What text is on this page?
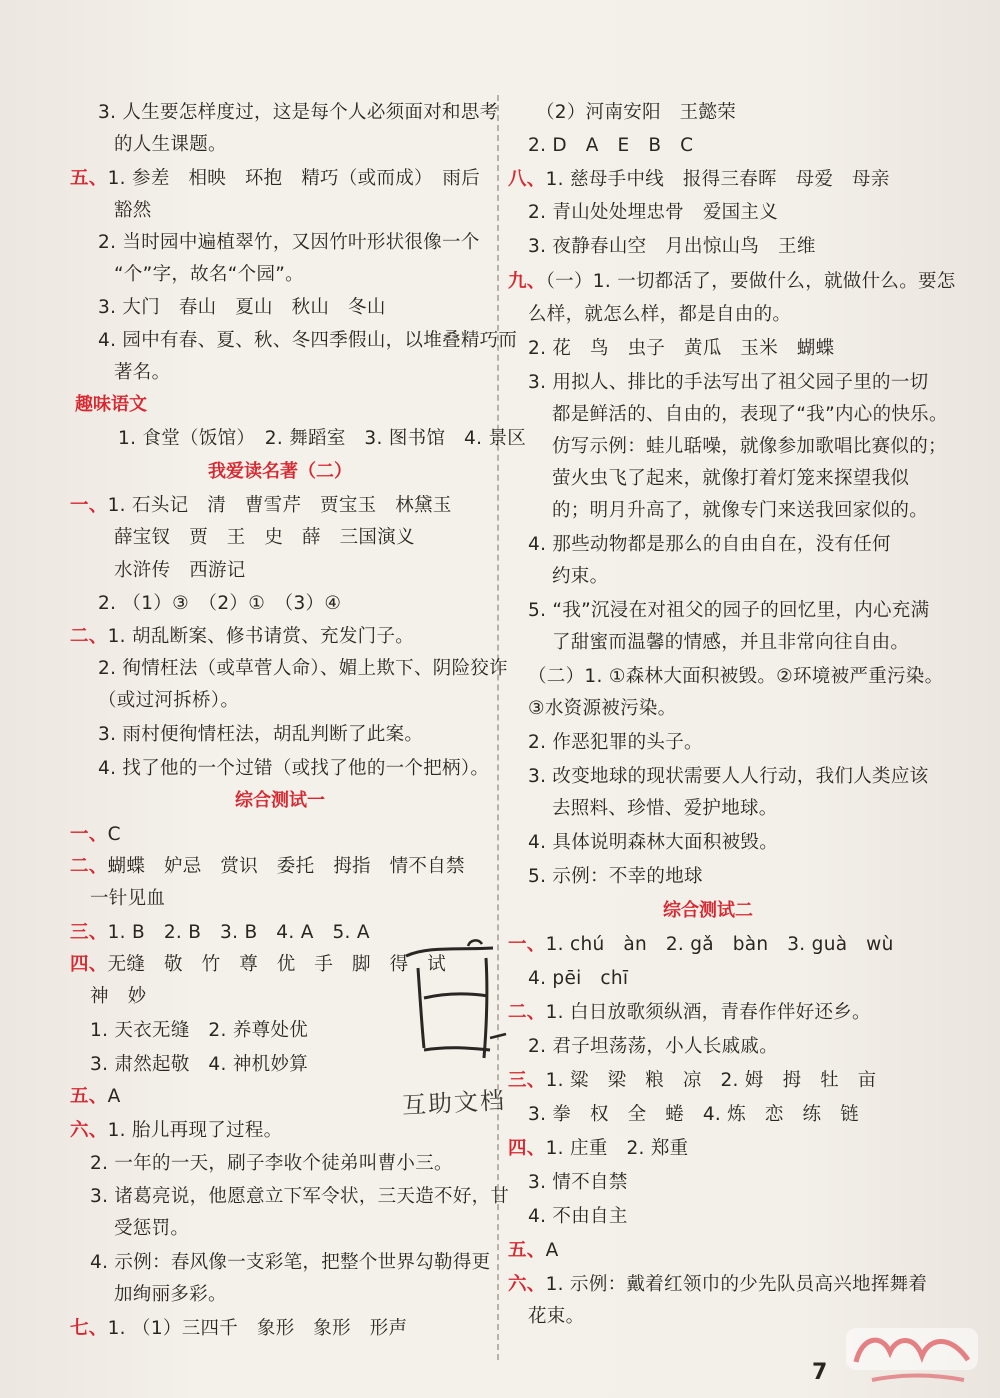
3. 人生要怎样度过，这是每个人必须面对和思考
的人生课题。
五、1. 参差　相映　环抱　精巧（或而成）　雨后
豁然
2. 当时园中遍植翠竹，又因竹叶形状很像一个
“个”字，故名“个园”。
3. 大门　春山　夏山　秋山　冬山
4. 园中有春、夏、秋、冬四季假山，以堆叠精巧而
著名。
1. 食堂（饭馆）　2. 舞蹈室　3. 图书馆　4. 景区
一、1. 石头记　清　曹雪芹　贾宝玉　林黛玉
薛宝钗　贾　王　史　薛　三国演义
水浒传　西游记
2. （1）③　（2）①　（3）④
二、1. 胡乱断案、修书请赏、充发门子。
2. 徇情枉法（或草菅人命）、媚上欺下、阴险狡诈
（或过河拆桥）。
3. 雨村便徇情枉法，胡乱判断了此案。
4. 找了他的一个过错（或找了他的一个把柄）。
一、C
二、蝴蝶　妒忌　赏识　委托　拇指　情不自禁
一针见血
三、1. B　2. B　3. B　4. A　5. A
四、无缝　敬　竹　尊　优　手　脚　得　试
神　妙
1. 天衣无缝　2. 养尊处优
3. 肃然起敬　4. 神机妙算
五、A
六、1. 胎儿再现了过程。
2. 一年的一天，刷子李收个徒弟叫曹小三。
3. 诸葛亮说，他愿意立下军令状，三天造不好，甘
受惩罚。
4. 示例：春风像一支彩笔，把整个世界勾勒得更
加绚丽多彩。
七、1. （1）三四千　象形　象形　形声
趣味语文
我爱读名著（二）
综合测试一
（2）河南安阳　王懿荣
2. D　A　E　B　C
八、1. 慈母手中线　报得三春晖　母爱　母亲
2. 青山处处埋忠骨　爱国主义
3. 夜静春山空　月出惊山鸟　王维
九、（一）1. 一切都活了，要做什么，就做什么。要怎
么样，就怎么样，都是自由的。
2. 花　鸟　虫子　黄瓜　玉米　蝴蝶
3. 用拟人、排比的手法写出了祖父园子里的一切
都是鲜活的、自由的，表现了“我”内心的快乐。
仿写示例：蛙儿聒噪，就像参加歌唱比赛似的；
萤火虫飞了起来，就像打着灯笼来探望我似
的；明月升高了，就像专门来送我回家似的。
4. 那些动物都是那么的自由自在，没有任何
约束。
5. “我”沉浸在对祖父的园子的回忆里，内心充满
了甜蜜而温馨的情感，并且非常向往自由。
（二）1. ①森林大面积被毁。②环境被严重污染。
③水资源被污染。
2. 作恶犯罪的头子。
3. 改变地球的现状需要人人行动，我们人类应该
去照料、珍惜、爱护地球。
4. 具体说明森林大面积被毁。
5. 示例：不幸的地球
一、1. chú　àn　2. gǎ　bàn　3. guà　wù
4. pēi　chī
二、1. 白日放歌须纵酒，青春作伴好还乡。
2. 君子坦荡荡，小人长戚戚。
三、1. 粱　梁　粮　凉　2. 姆　拇　牡　亩
3. 拳　权　全　蜷　4. 炼　恋　练　链
四、1. 庄重　2. 郑重
3. 情不自禁
4. 不由自主
五、A
六、1. 示例：戴着红领巾的少先队员高兴地挥舞着
花束。
综合测试二
互助文档
7
